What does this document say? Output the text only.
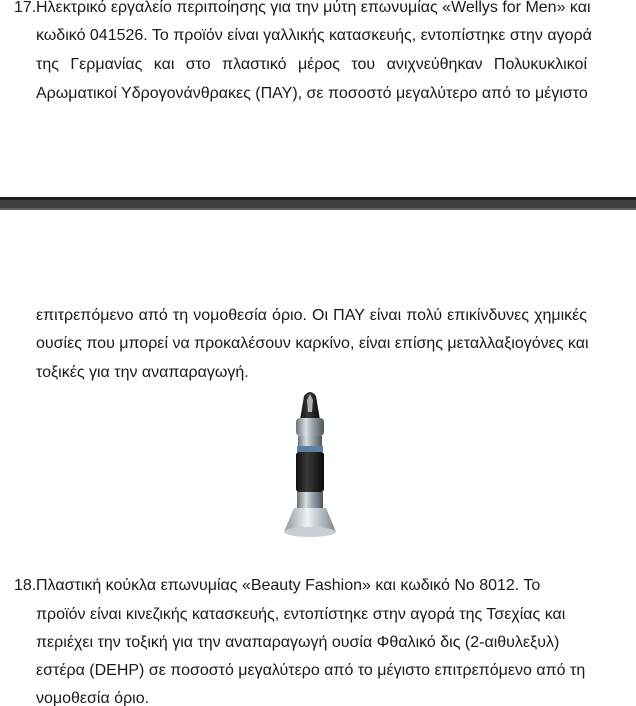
17. Ηλεκτρικό εργαλείο περιποίησης για την μύτη επωνυμίας «Wellys for Men» και
κωδικό 041526. Το προϊόν είναι γαλλικής κατασκευής, εντοπίστηκε στην αγορά
της Γερμανίας και στο πλαστικό μέρος του ανιχνεύθηκαν Πολυκυκλικοί
Αρωματικοί Υδρογονάνθρακες (ΠΑΥ), σε ποσοστό μεγαλύτερο από το μέγιστο
επιτρεπόμενο από τη νομοθεσία όριο. Οι ΠΑΥ είναι πολύ επικίνδυνες χημικές
ουσίες που μπορεί να προκαλέσουν καρκίνο, είναι επίσης μεταλλαξιογόνες και
τοξικές για την αναπαραγωγή.
18. Πλαστική κούκλα επωνυμίας «Beauty Fashion» και κωδικό Νο 8012. Το
προϊόν είναι κινεζικής κατασκευής, εντοπίστηκε στην αγορά της Τσεχίας και
περιέχει την τοξική για την αναπαραγωγή ουσία Φθαλικό δις (2-αιθυλεξυλ)
εστέρα (DEHP) σε ποσοστό μεγαλύτερο από το μέγιστο επιτρεπόμενο από τη
νομοθεσία όριο.
